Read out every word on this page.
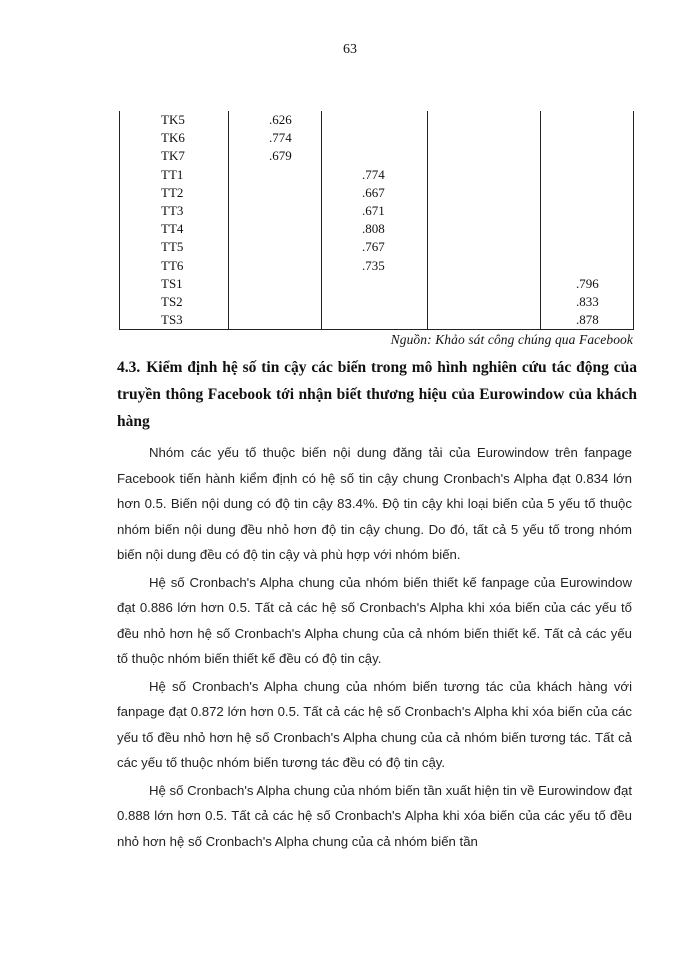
63
TK5	.626			
TK6	.774			
TK7	.679			
TT1		.774		
TT2		.667		
TT3		.671		
TT4		.808		
TT5		.767		
TT6		.735		
TS1				.796
TS2				.833
TS3				.878
Nguồn: Khảo sát công chúng qua Facebook
4.3. Kiểm định hệ số tin cậy các biến trong mô hình nghiên cứu tác động của truyền thông Facebook tới nhận biết thương hiệu của Eurowindow của khách hàng

Nhóm các yếu tố thuộc biến nội dung đăng tải của Eurowindow trên fanpage Facebook tiến hành kiểm định có hệ số tin cậy chung Cronbach's Alpha đạt 0.834 lớn hơn 0.5. Biến nội dung có độ tin cậy 83.4%. Độ tin cậy khi loại biến của 5 yếu tố thuộc nhóm biến nội dung đều nhỏ hơn độ tin cậy chung. Do đó, tất cả 5 yếu tố trong nhóm biến nội dung đều có độ tin cậy và phù hợp với nhóm biến.

Hệ số Cronbach's Alpha chung của nhóm biến thiết kế fanpage của Eurowindow đạt 0.886 lớn hơn 0.5. Tất cả các hệ số Cronbach's Alpha khi xóa biến của các yếu tố đều nhỏ hơn hệ số Cronbach's Alpha chung của cả nhóm biến thiết kế. Tất cả các yếu tố thuộc nhóm biến thiết kế đều có độ tin cậy.

Hệ số Cronbach's Alpha chung của nhóm biến tương tác của khách hàng với fanpage đạt 0.872 lớn hơn 0.5. Tất cả các hệ số Cronbach's Alpha khi xóa biến của các yếu tố đều nhỏ hơn hệ số Cronbach's Alpha chung của cả nhóm biến tương tác. Tất cả các yếu tố thuộc nhóm biến tương tác đều có độ tin cậy.

Hệ số Cronbach's Alpha chung của nhóm biến tần xuất hiện tin về Eurowindow đạt 0.888 lớn hơn 0.5. Tất cả các hệ số Cronbach's Alpha khi xóa biến của các yếu tố đều nhỏ hơn hệ số Cronbach's Alpha chung của cả nhóm biến tần
